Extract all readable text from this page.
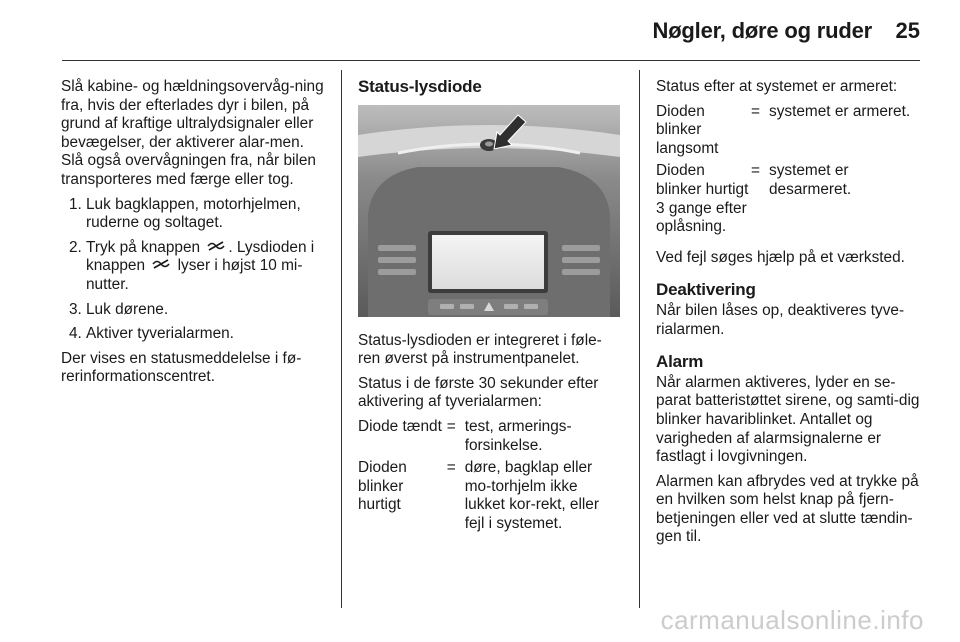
Nøgler, døre og ruder 25

Slå kabine- og hældningsovervåg-ning fra, hvis der efterlades dyr i bilen, på grund af kraftige ultralydsignaler eller bevægelser, der aktiverer alar-men. Slå også overvågningen fra, når bilen transporteres med færge eller tog.

1. Luk bagklappen, motorhjelmen, ruderne og soltaget.
2. Tryk på knappen . Lysdioden i knappen lyser i højst 10 mi-nutter.
3. Luk dørene.
4. Aktiver tyverialarmen.

Der vises en statusmeddelelse i fø-rerinformationscentret.

Status-lysdiode

Status-lysdioden er integreret i føle-ren øverst på instrumentpanelet.

Status i de første 30 sekunder efter aktivering af tyverialarmen:

Diode tændt = test, armerings-forsinkelse.
Dioden blinker hurtigt
= døre, bagklap eller mo-torhjelm ikke lukket kor-rekt, eller fejl i systemet.

Status efter at systemet er armeret:

Dioden blinker langsomt
= systemet er armeret.
Dioden blinker hurtigt 3 gange efter oplåsning.
= systemet er desarmeret.

Ved fejl søges hjælp på et værksted.

Deaktivering

Når bilen låses op, deaktiveres tyve-rialarmen.

Alarm

Når alarmen aktiveres, lyder en se-parat batteristøttet sirene, og samti-dig blinker havariblinket. Antallet og varigheden af alarmsignalerne er fastlagt i lovgivningen.

Alarmen kan afbrydes ved at trykke på en hvilken som helst knap på fjern-betjeningen eller ved at slutte tændin-gen til.

carmanualsonline.info
